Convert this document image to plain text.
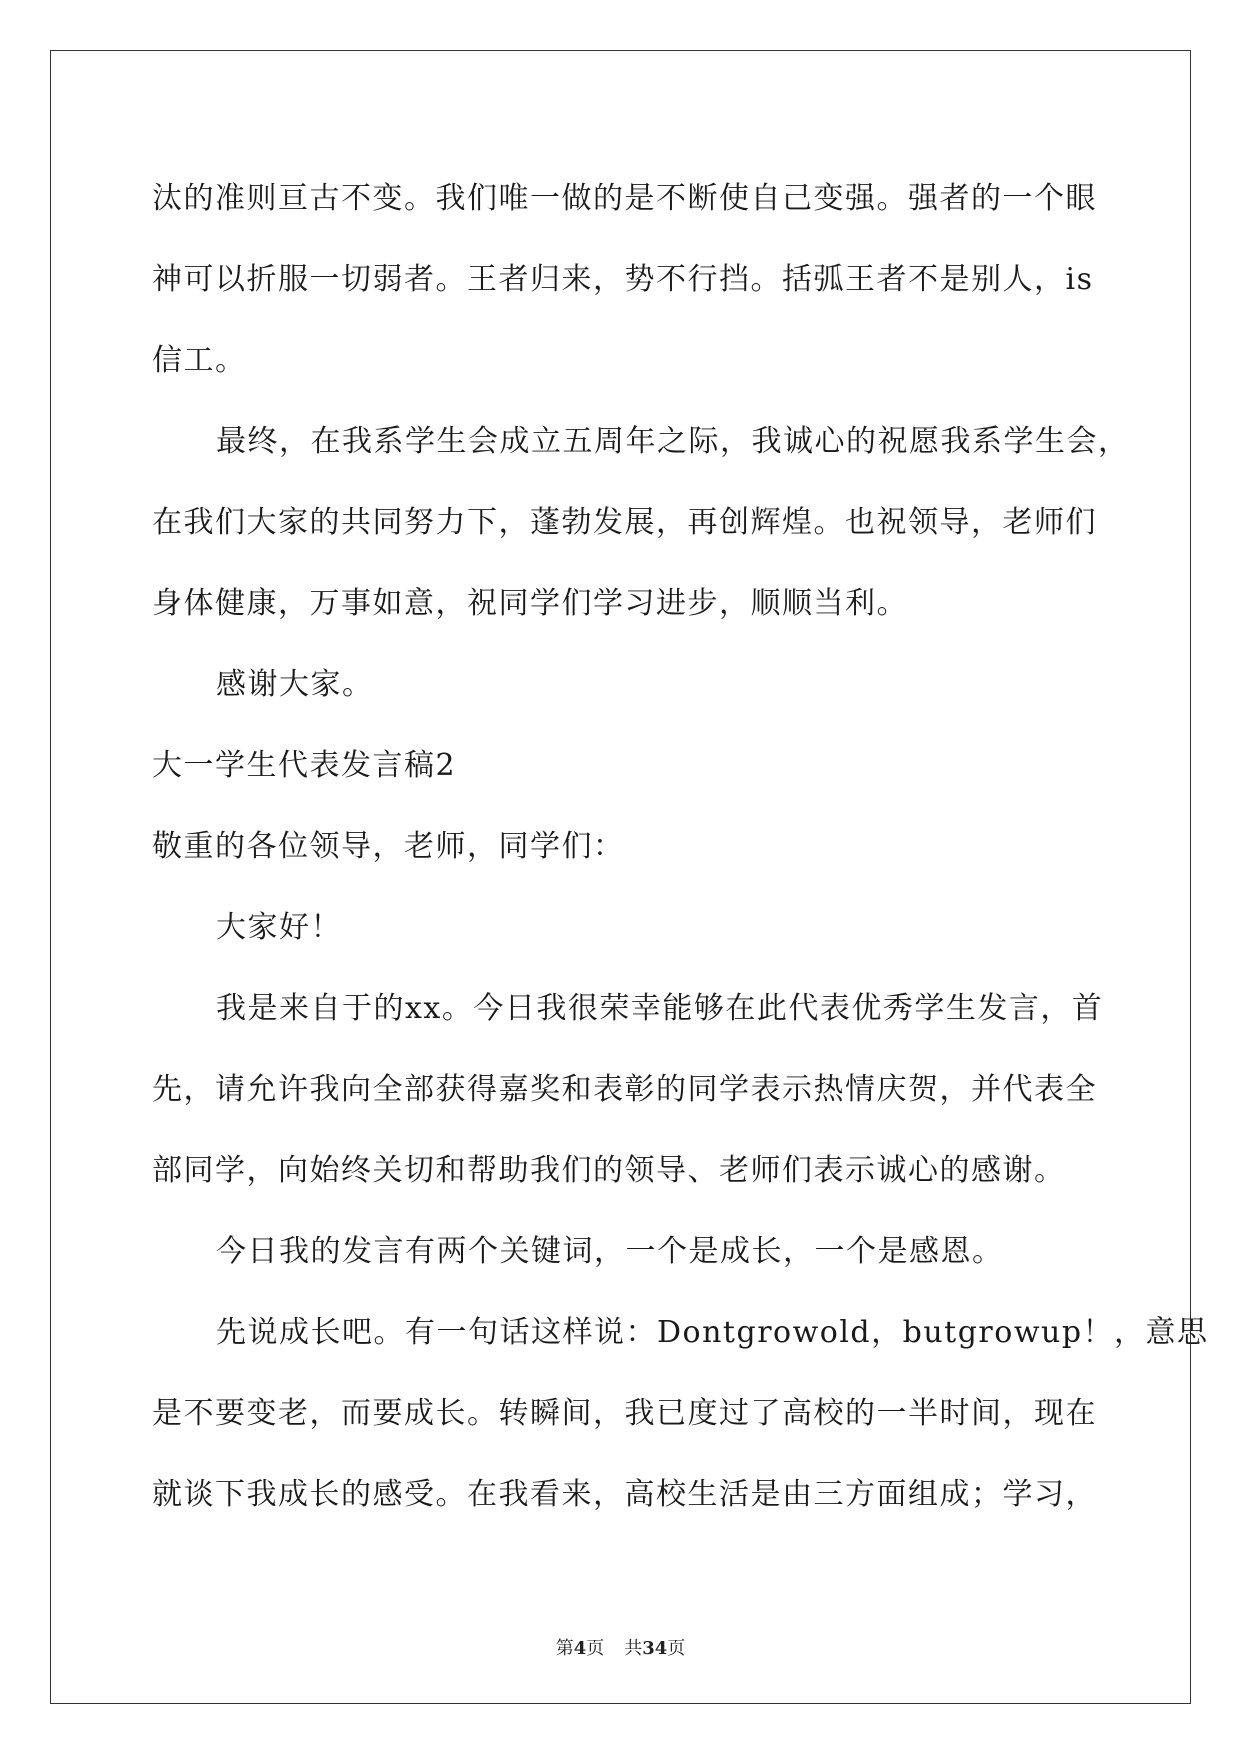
汰的准则亘古不变。我们唯一做的是不断使自己变强。强者的一个眼
神可以折服一切弱者。王者归来，势不行挡。括弧王者不是别人，is
信工。
最终，在我系学生会成立五周年之际，我诚心的祝愿我系学生会，
在我们大家的共同努力下，蓬勃发展，再创辉煌。也祝领导，老师们
身体健康，万事如意，祝同学们学习进步，顺顺当利。
感谢大家。
大一学生代表发言稿2
敬重的各位领导，老师，同学们：
大家好！
我是来自于的xx。今日我很荣幸能够在此代表优秀学生发言，首
先，请允许我向全部获得嘉奖和表彰的同学表示热情庆贺，并代表全
部同学，向始终关切和帮助我们的领导、老师们表示诚心的感谢。
今日我的发言有两个关键词，一个是成长，一个是感恩。
先说成长吧。有一句话这样说：Dontgrowold，butgrowup！，意思
是不要变老，而要成长。转瞬间，我已度过了高校的一半时间，现在
就谈下我成长的感受。在我看来，高校生活是由三方面组成；学习，
第4页 共34页
